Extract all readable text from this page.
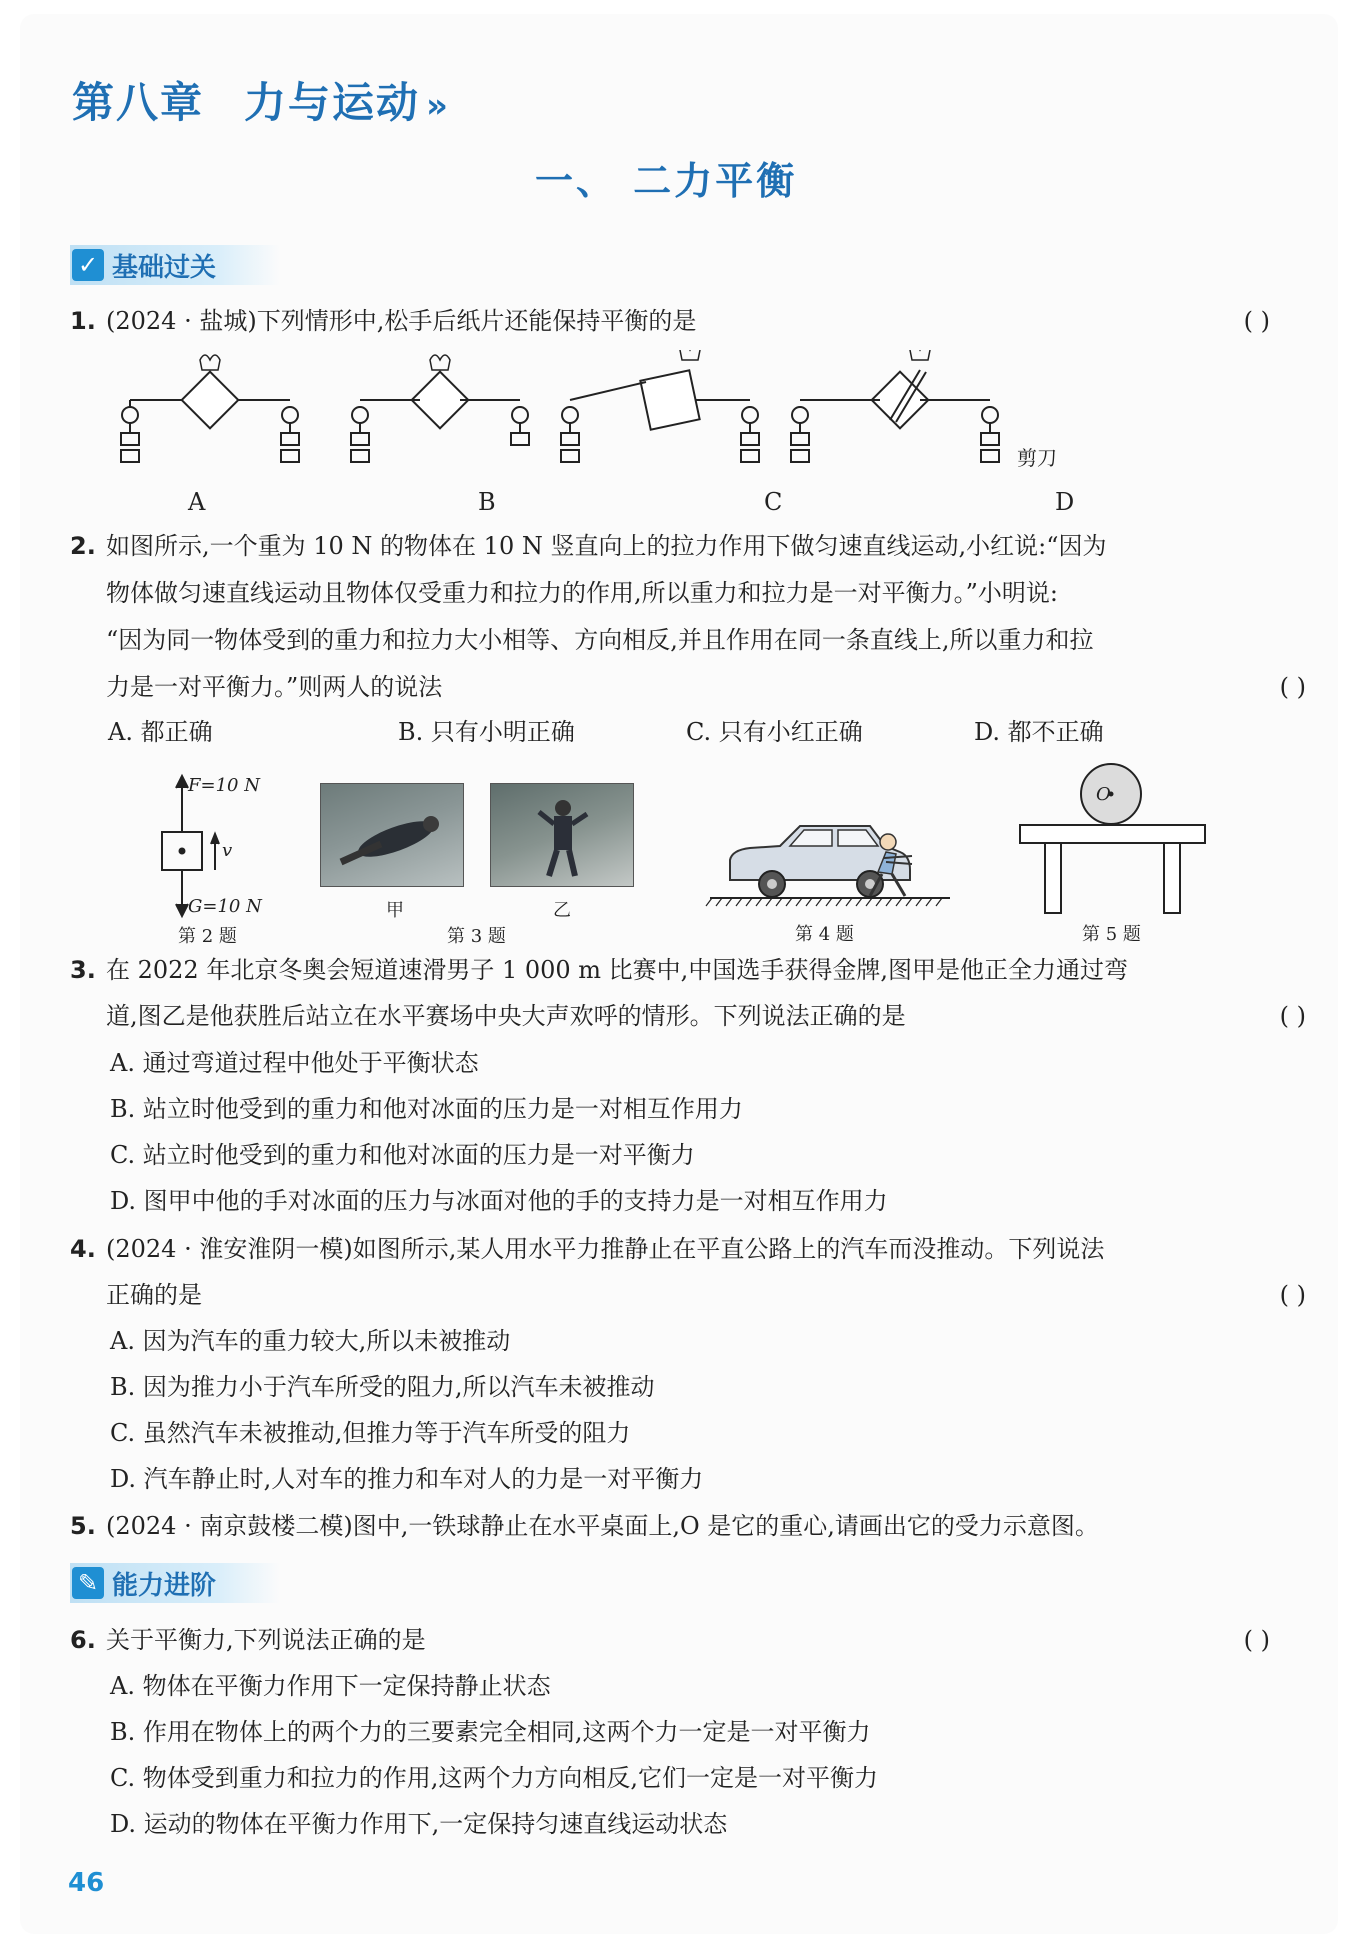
第八章 力与运动 »
一、 二力平衡
✓ 基础过关
1. (2024 · 盐城)下列情形中,松手后纸片还能保持平衡的是	( )
剪刀
A	B	C	D
2. 如图所示,一个重为 10 N 的物体在 10 N 竖直向上的拉力作用下做匀速直线运动,小红说:“因为
物体做匀速直线运动且物体仅受重力和拉力的作用,所以重力和拉力是一对平衡力。”小明说:
“因为同一物体受到的重力和拉力大小相等、方向相反,并且作用在同一条直线上,所以重力和拉
力是一对平衡力。”则两人的说法	( )
A. 都正确	B. 只有小明正确	C. 只有小红正确	D. 都不正确
F=10 N
G=10 N
v
第 2 题
甲	乙
第 3 题	第 4 题
O
第 5 题
3. 在 2022 年北京冬奥会短道速滑男子 1 000 m 比赛中,中国选手获得金牌,图甲是他正全力通过弯
道,图乙是他获胜后站立在水平赛场中央大声欢呼的情形。下列说法正确的是	( )
A. 通过弯道过程中他处于平衡状态
B. 站立时他受到的重力和他对冰面的压力是一对相互作用力
C. 站立时他受到的重力和他对冰面的压力是一对平衡力
D. 图甲中他的手对冰面的压力与冰面对他的手的支持力是一对相互作用力
4. (2024 · 淮安淮阴一模)如图所示,某人用水平力推静止在平直公路上的汽车而没推动。下列说法
正确的是	( )
A. 因为汽车的重力较大,所以未被推动
B. 因为推力小于汽车所受的阻力,所以汽车未被推动
C. 虽然汽车未被推动,但推力等于汽车所受的阻力
D. 汽车静止时,人对车的推力和车对人的力是一对平衡力
5. (2024 · 南京鼓楼二模)图中,一铁球静止在水平桌面上,O 是它的重心,请画出它的受力示意图。
✎ 能力进阶
6. 关于平衡力,下列说法正确的是	( )
A. 物体在平衡力作用下一定保持静止状态
B. 作用在物体上的两个力的三要素完全相同,这两个力一定是一对平衡力
C. 物体受到重力和拉力的作用,这两个力方向相反,它们一定是一对平衡力
D. 运动的物体在平衡力作用下,一定保持匀速直线运动状态
46
